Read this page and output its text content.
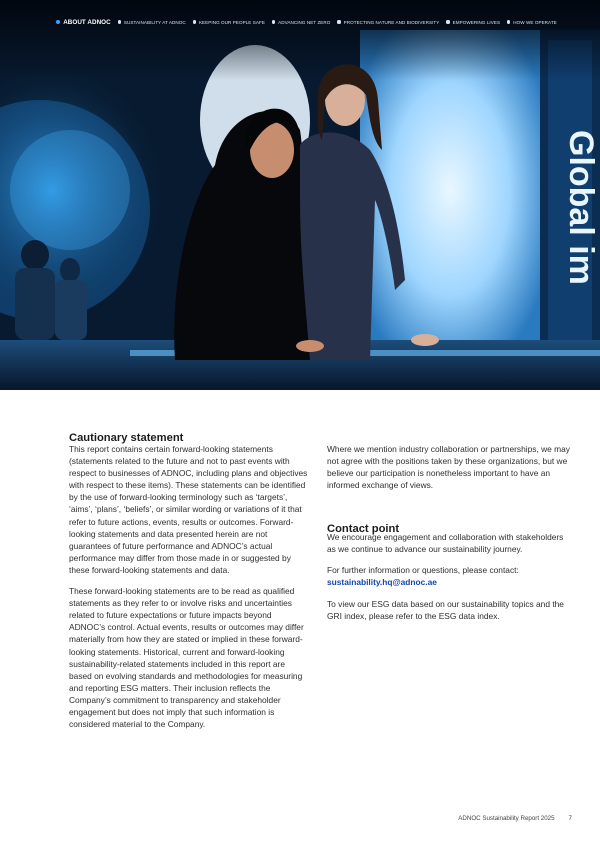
Global im
ABOUT ADNOC	SUSTAINABILITY AT ADNOC	KEEPING OUR PEOPLE SAFE	ADVANCING NET ZERO	PROTECTING NATURE AND BIODIVERSITY	EMPOWERING LIVES	HOW WE OPERATE
Cautionary statement

This report contains certain forward-looking statements (statements related to the future and not to past events with respect to businesses of ADNOC, including plans and objectives with respect to these items). These statements can be identified by the use of forward-looking terminology such as ‘targets’, ‘aims’, ‘plans’, ‘beliefs’, or similar wording or variations of it that refer to future actions, events, results or outcomes. Forward-looking statements and data presented herein are not guarantees of future performance and ADNOC’s actual performance may differ from those made in or suggested by these forward-looking statements and data.

These forward-looking statements are to be read as qualified statements as they refer to or involve risks and uncertainties related to future expectations or future impacts beyond ADNOC’s control. Actual events, results or outcomes may differ materially from how they are stated or implied in these forward-looking statements. Historical, current and forward-looking sustainability-related statements included in this report are based on evolving standards and methodologies for measuring and reporting ESG matters. Their inclusion reflects the Company’s commitment to transparency and stakeholder engagement but does not imply that such information is considered material to the Company.

Where we mention industry collaboration or partnerships, we may not agree with the positions taken by these organizations, but we believe our participation is nonetheless important to have an informed exchange of views.

Contact point

We encourage engagement and collaboration with stakeholders as we continue to advance our sustainability journey.

For further information or questions, please contact:
sustainability.hq@adnoc.ae

To view our ESG data based on our sustainability topics and the GRI index, please refer to the ESG data index.

ADNOC Sustainability Report 2025 7
